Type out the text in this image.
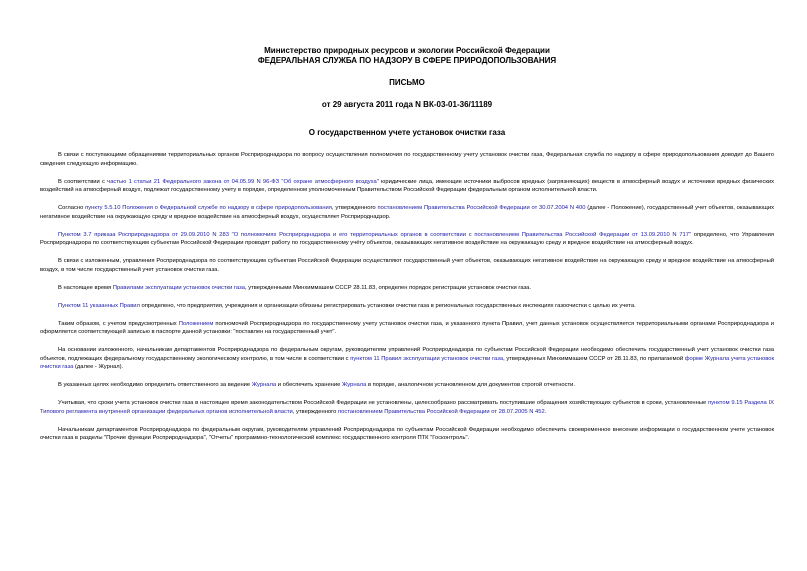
Министерство природных ресурсов и экологии Российской Федерации
ФЕДЕРАЛЬНАЯ СЛУЖБА ПО НАДЗОРУ В СФЕРЕ ПРИРОДОПОЛЬЗОВАНИЯ
ПИСЬМО
от 29 августа 2011 года N ВК-03-01-36/11189
О государственном учете установок очистки газа
В связи с поступающими обращениями территориальных органов Росприроднадзора по вопросу осуществления полномочия по государственному учету установок очистки газа, Федеральная служба по надзору в сфере природопользования доводит до Вашего сведения следующую информацию.
В соответствии с частью 1 статьи 21 Федерального закона от 04.05.99 N 96-ФЗ "Об охране атмосферного воздуха" юридические лица, имеющие источники выбросов вредных (загрязняющих) веществ в атмосферный воздух и источники вредных физических воздействий на атмосферный воздух, подлежат государственному учету в порядке, определенном уполномоченным Правительством Российской Федерации федеральным органом исполнительной власти.
Согласно пункту 5.5.10 Положения о Федеральной службе по надзору в сфере природопользования, утвержденного постановлением Правительства Российской Федерации от 30.07.2004 N 400 (далее - Положение), государственный учет объектов, оказывающих негативное воздействие на окружающую среду и вредное воздействие на атмосферный воздух, осуществляет Росприроднадзор.
Пунктом 3.7 приказа Росприроднадзора от 29.09.2010 N 283 "О полномочиях Росприроднадзора и его территориальных органов в соответствии с постановлением Правительства Российской Федерации от 13.09.2010 N 717" определено, что Управления Росприроднадзора по соответствующим субъектам Российской Федерации проводят работу по государственному учёту объектов, оказывающих негативное воздействие на окружающую среду и вредное воздействие на атмосферный воздух.
В связи с изложенным, управления Росприроднадзора по соответствующим субъектам Российской Федерации осуществляют государственный учет объектов, оказывающих негативное воздействие на окружающую среду и вредное воздействие на атмосферный воздух, в том числе государственный учет установок очистки газа.
В настоящее время Правилами эксплуатации установок очистки газа, утвержденными Минхиммашем СССР 28.11.83, определен порядок регистрации установок очистки газа.
Пунктом 11 указанных Правил определено, что предприятия, учреждения и организации обязаны регистрировать установки очистки газа в региональных государственных инспекциях газоочистки с целью их учета.
Таким образом, с учетом предусмотренных Положением полномочий Росприроднадзора по государственному учету установок очистки газа, и указанного пункта Правил, учет данных установок осуществляется территориальными органами Росприроднадзора и оформляется соответствующей записью в паспорте данной установки: "поставлен на государственный учет".
На основании изложенного, начальникам департаментов Росприроднадзора по федеральным округам, руководителям управлений Росприроднадзора по субъектам Российской Федерации необходимо обеспечить государственный учет установок очистки газа объектов, подлежащих федеральному государственному экологическому контролю, в том числе в соответствии с пунктом 11 Правил эксплуатации установок очистки газа, утвержденных Минхиммашем СССР от 28.11.83, по прилагаемой форме Журнала учета установок очистки газа (далее - Журнал).
В указанных целях необходимо определить ответственного за ведение Журнала и обеспечить хранение Журнала в порядке, аналогичном установленном для документов строгой отчетности.
Учитывая, что сроки учета установок очистки газа в настоящее время законодательством Российской Федерации не установлены, целесообразно рассматривать поступившие обращения хозяйствующих субъектов в сроки, установленные пунктом 9.15 Раздела IX Типового регламента внутренней организации федеральных органов исполнительной власти, утвержденного постановлением Правительства Российской Федерации от 28.07.2005 N 452.
Начальникам департаментов Росприроднадзора по федеральным округам, руководителям управлений Росприроднадзора по субъектам Российской Федерации необходимо обеспечить своевременное внесение информации о государственном учете установок очистки газа в разделы "Прочие функции Росприроднадзора", "Отчеты" программно-технологический комплекс государственного контроля ПТК "Госконтроль".
